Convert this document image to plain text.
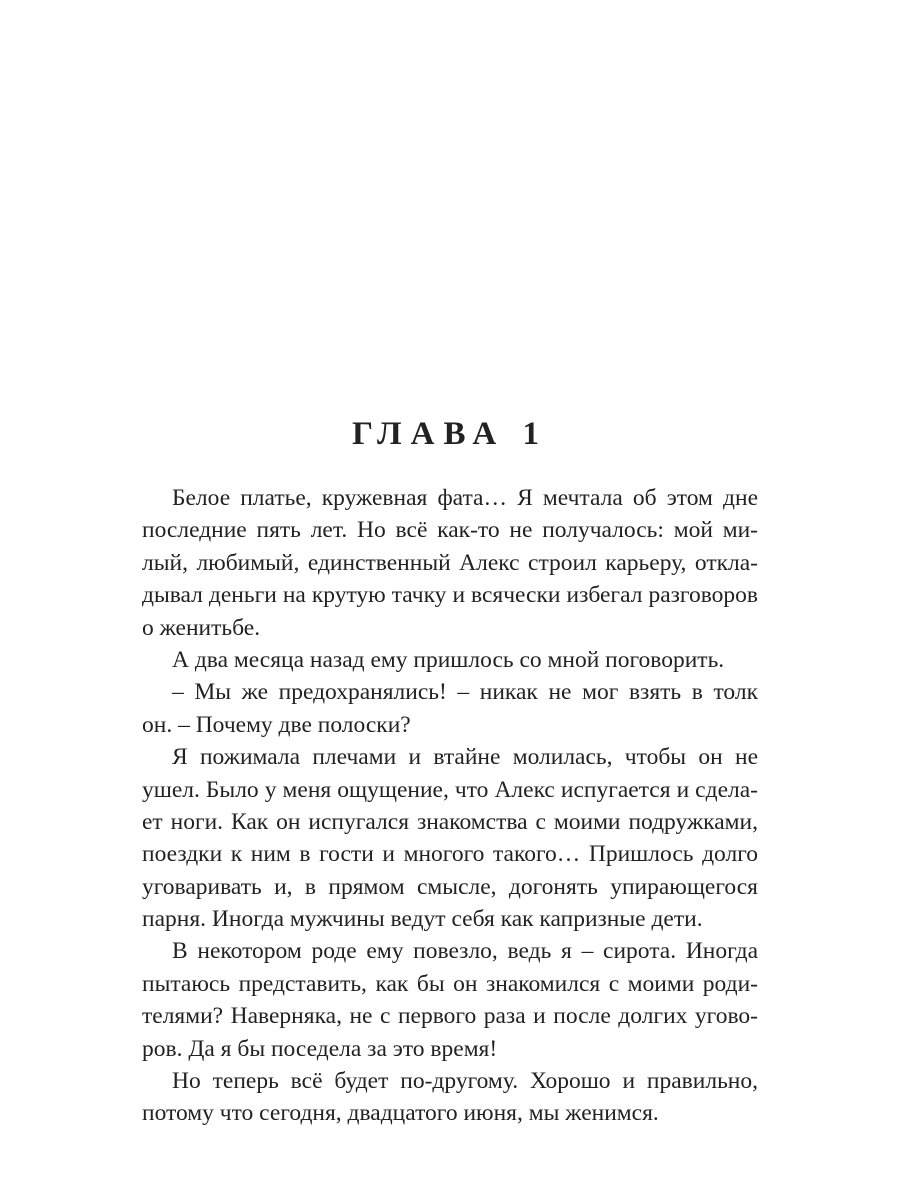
ГЛАВА 1
Белое платье, кружевная фата… Я мечтала об этом дне
последние пять лет. Но всё как-то не получалось: мой ми-
лый, любимый, единственный Алекс строил карьеру, откла-
дывал деньги на крутую тачку и всячески избегал разговоров
о женитьбе.
А два месяца назад ему пришлось со мной поговорить.
– Мы же предохранялись! – никак не мог взять в толк
он. – Почему две полоски?
Я пожимала плечами и втайне молилась, чтобы он не
ушел. Было у меня ощущение, что Алекс испугается и сдела-
ет ноги. Как он испугался знакомства с моими подружками,
поездки к ним в гости и многого такого… Пришлось долго
уговаривать и, в прямом смысле, догонять упирающегося
парня. Иногда мужчины ведут себя как капризные дети.
В некотором роде ему повезло, ведь я – сирота. Иногда
пытаюсь представить, как бы он знакомился с моими роди-
телями? Наверняка, не с первого раза и после долгих угово-
ров. Да я бы поседела за это время!
Но теперь всё будет по-другому. Хорошо и правильно,
потому что сегодня, двадцатого июня, мы женимся.
